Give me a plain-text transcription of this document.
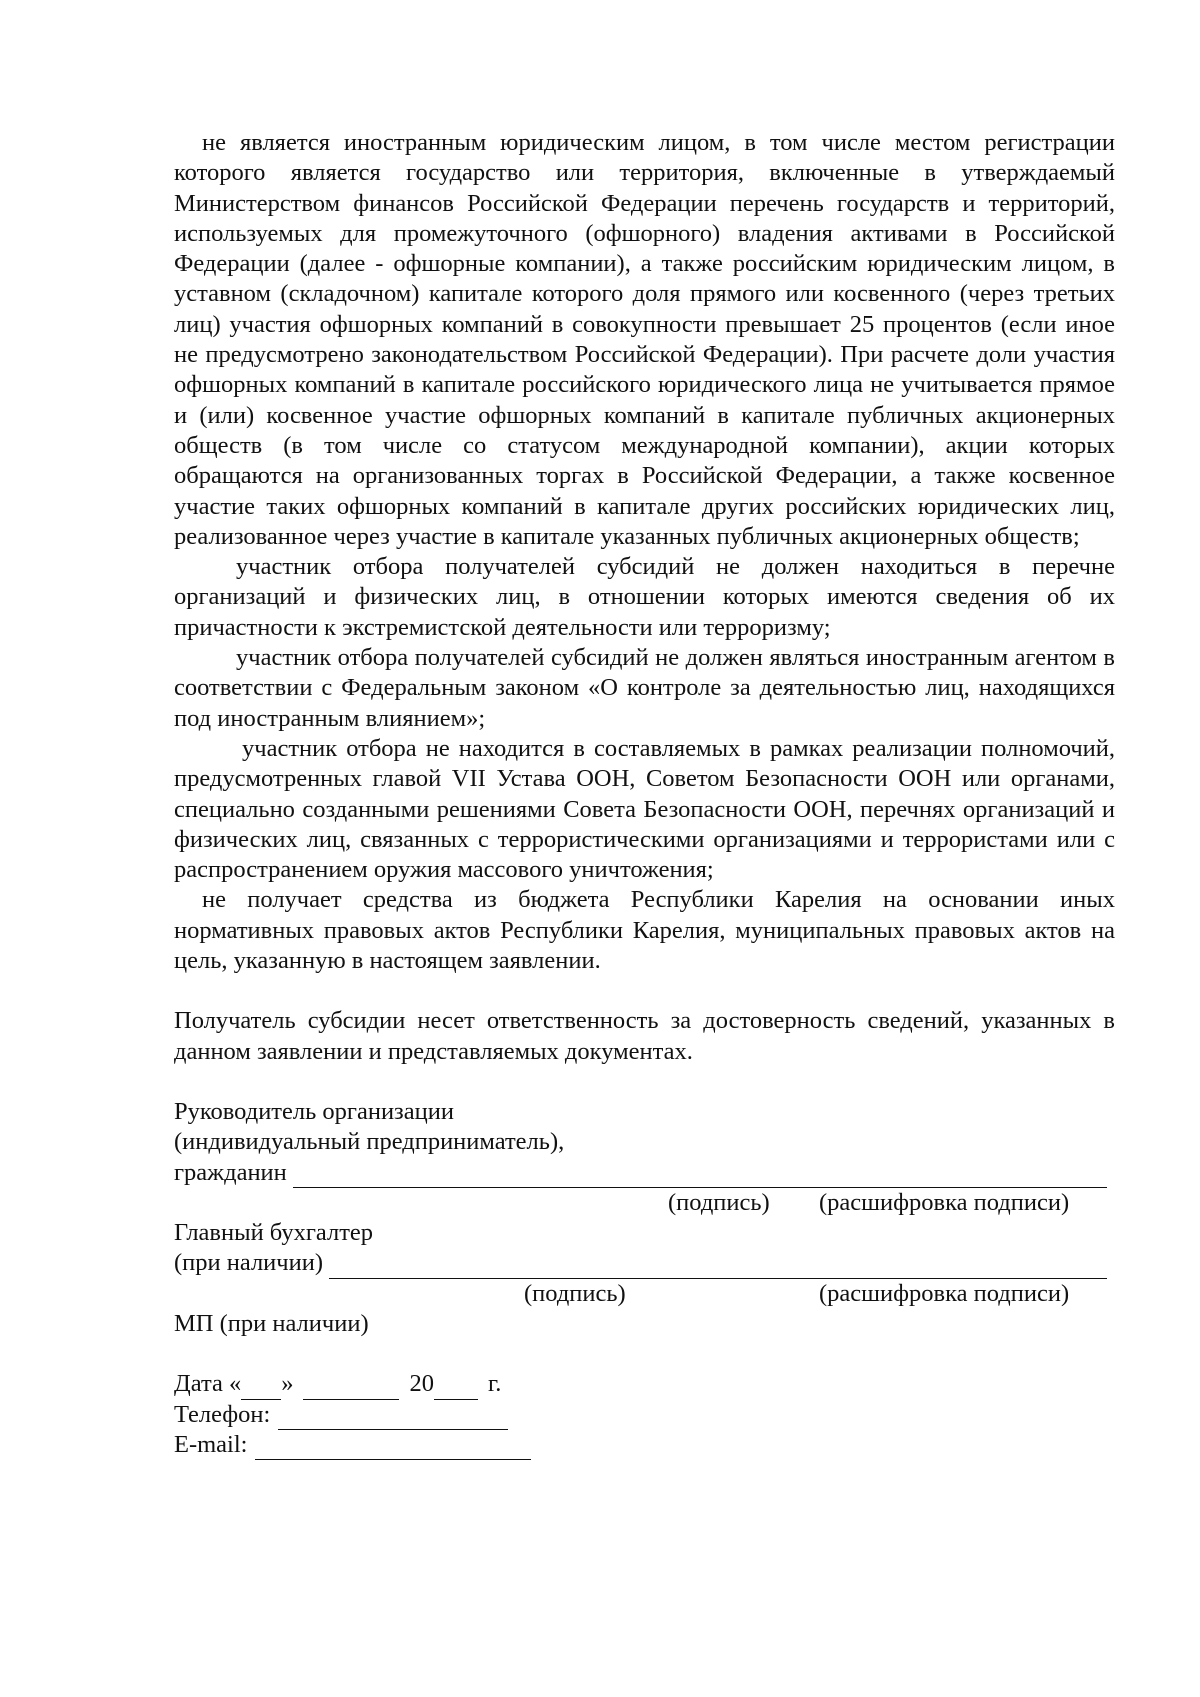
не является иностранным юридическим лицом, в том числе местом регистрации которого является государство или территория, включенные в утверждаемый Министерством финансов Российской Федерации перечень государств и территорий, используемых для промежуточного (офшорного) владения активами в Российской Федерации (далее - офшорные компании), а также российским юридическим лицом, в уставном (складочном) капитале которого доля прямого или косвенного (через третьих лиц) участия офшорных компаний в совокупности превышает 25 процентов (если иное не предусмотрено законодательством Российской Федерации). При расчете доли участия офшорных компаний в капитале российского юридического лица не учитывается прямое и (или) косвенное участие офшорных компаний в капитале публичных акционерных обществ (в том числе со статусом международной компании), акции которых обращаются на организованных торгах в Российской Федерации, а также косвенное участие таких офшорных компаний в капитале других российских юридических лиц, реализованное через участие в капитале указанных публичных акционерных обществ;

участник отбора получателей субсидий не должен находиться в перечне организаций и физических лиц, в отношении которых имеются сведения об их причастности к экстремистской деятельности или терроризму;

участник отбора получателей субсидий не должен являться иностранным агентом в соответствии с Федеральным законом «О контроле за деятельностью лиц, находящихся под иностранным влиянием»;

участник отбора не находится в составляемых в рамках реализации полномочий, предусмотренных главой VII Устава ООН, Советом Безопасности ООН или органами, специально созданными решениями Совета Безопасности ООН, перечнях организаций и физических лиц, связанных с террористическими организациями и террористами или с распространением оружия массового уничтожения;

не получает средства из бюджета Республики Карелия на основании иных нормативных правовых актов Республики Карелия, муниципальных правовых актов на цель, указанную в настоящем заявлении.

Получатель субсидии несет ответственность за достоверность сведений, указанных в данном заявлении и представляемых документах.

Руководитель организации
(индивидуальный предприниматель),
гражданин
(подпись) (расшифровка подписи)
Главный бухгалтер
(при наличии)
(подпись)	(расшифровка подписи)
МП (при наличии)
Дата « »	20 г.
Телефон:
E-mail:
